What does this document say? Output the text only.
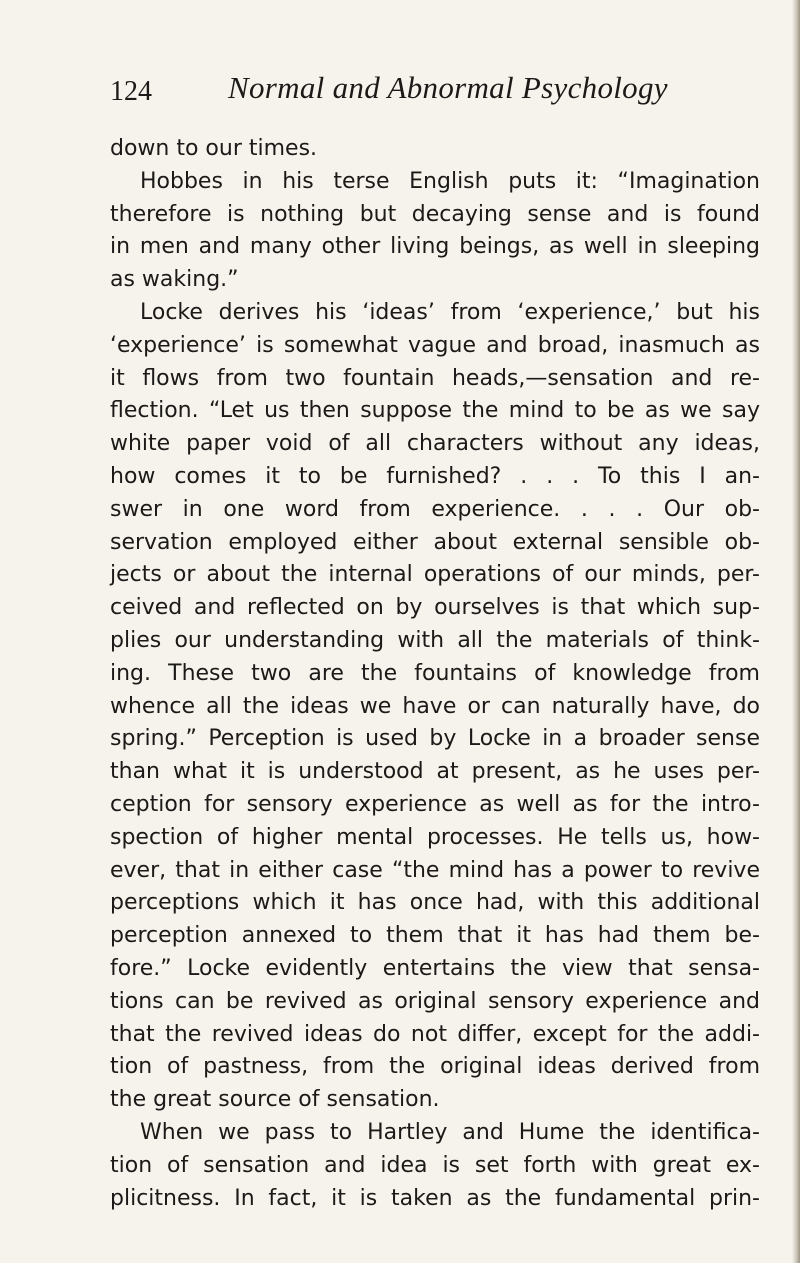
124 Normal and Abnormal Psychology
down to our times.
Hobbes in his terse English puts it: “Imagination
therefore is nothing but decaying sense and is found
in men and many other living beings, as well in sleeping
as waking.”
Locke derives his ‘ideas’ from ‘experience,’ but his
‘experience’ is somewhat vague and broad, inasmuch as
it flows from two fountain heads,—sensation and re-
flection. “Let us then suppose the mind to be as we say
white paper void of all characters without any ideas,
how comes it to be furnished? . . . To this I an-
swer in one word from experience. . . . Our ob-
servation employed either about external sensible ob-
jects or about the internal operations of our minds, per-
ceived and reflected on by ourselves is that which sup-
plies our understanding with all the materials of think-
ing. These two are the fountains of knowledge from
whence all the ideas we have or can naturally have, do
spring.” Perception is used by Locke in a broader sense
than what it is understood at present, as he uses per-
ception for sensory experience as well as for the intro-
spection of higher mental processes. He tells us, how-
ever, that in either case “the mind has a power to revive
perceptions which it has once had, with this additional
perception annexed to them that it has had them be-
fore.” Locke evidently entertains the view that sensa-
tions can be revived as original sensory experience and
that the revived ideas do not differ, except for the addi-
tion of pastness, from the original ideas derived from
the great source of sensation.
When we pass to Hartley and Hume the identifica-
tion of sensation and idea is set forth with great ex-
plicitness. In fact, it is taken as the fundamental prin-
